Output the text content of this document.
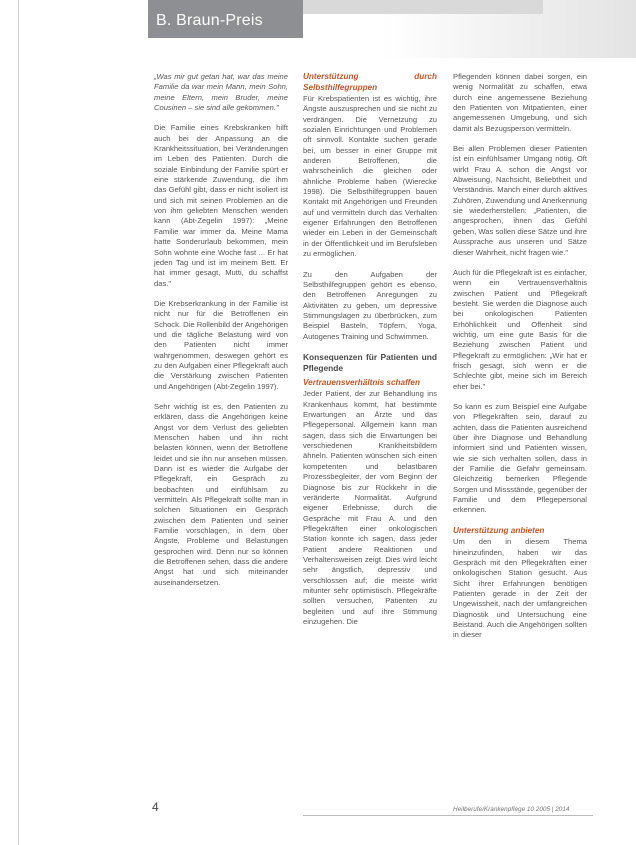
B. Braun-Preis

„Was mir gut getan hat, war das meine Familie da war mein Mann, mein Sohn, meine Eltern, mein Bruder, meine Cousinen – sie sind alle gekommen."

Die Familie eines Krebskranken hilft auch bei der Anpassung an die Krankheitssituation, bei Veränderungen im Leben des Patienten. Durch die soziale Einbindung der Familie spürt er eine stärkende Zuwendung, die ihm das Gefühl gibt, dass er nicht isoliert ist und sich mit seinen Problemen an die von ihm geliebten Menschen wenden kann (Abt-Zegelin 1997): „Meine Familie war immer da. Meine Mama hatte Sonderurlaub bekommen, mein Sohn wohnte eine Woche fast ... Er hat jeden Tag und ist im meinem Bett. Er hat immer gesagt, Mutti, du schaffst das."

Die Krebserkrankung in der Familie ist nicht nur für die Betroffenen ein Schock. Die Rollenbild der Angehörigen und die tägliche Belastung wird von den Patienten nicht immer wahrgenommen, deswegen gehört es zu den Aufgaben einer Pflegekraft auch die Verstärkung zwischen Patienten und Angehörigen (Abt-Zegelin 1997).

Sehr wichtig ist es, den Patienten zu erklären, dass die Angehörigen keine Angst vor dem Verlust des geliebten Menschen haben und ihn nicht belasten können, wenn der Betroffene leidet und sie ihn nur ansehen müssen. Dann ist es wieder die Aufgabe der Pflegekraft, ein Gespräch zu beobachten und einfühlsam zu vermitteln. Als Pflegekraft sollte man in solchen Situationen ein Gespräch zwischen dem Patienten und seiner Familie vorschlagen, in dem über Ängste, Probleme und Belastungen gesprochen wird. Denn nur so können die Betroffenen sehen, dass die andere Angst hat und sich miteinander auseinandersetzen.

Unterstützung durch Selbsthilfegruppen

Für Krebspatienten ist es wichtig, ihre Ängste auszusprechen und sie nicht zu verdrängen. Die Vernetzung zu sozialen Einrichtungen und Problemen oft sinnvoll. Kontakte suchen gerade bei, um besser in einer Gruppe mit anderen Betroffenen, die wahrscheinlich die gleichen oder ähnliche Probleme haben (Wierecke 1998). Die Selbsthilfegruppen bauen Kontakt mit Angehörigen und Freunden auf und vermitteln durch das Verhalten eigener Erfahrungen den Betroffenen wieder ein Leben in der Gemeinschaft in der Öffentlichkeit und im Berufsleben zu ermöglichen.

Zu den Aufgaben der Selbsthilfegruppen gehört es ebenso, den Betroffenen Anregungen zu Aktivitäten zu geben, um depressive Stimmungslagen zu überbrücken, zum Beispiel Basteln, Töpfern, Yoga, Autogenes Training und Schwimmen.

Konsequenzen für Patienten und Pflegende
Vertrauensverhältnis schaffen

Jeder Patient, der zur Behandlung ins Krankenhaus kommt, hat bestimmte Erwartungen an Ärzte und das Pflegepersonal. Allgemein kann man sagen, dass sich die Erwartungen bei verschiedenen Krankheitsbildern ähneln. Patienten wünschen sich einen kompetenten und belastbaren Prozessbegleiter, der vom Beginn der Diagnose bis zur Rückkehr in die veränderte Normalität. Aufgrund eigener Erlebnisse, durch die Gespräche mit Frau A. und den Pflegekräften einer onkologischen Station konnte ich sagen, dass jeder Patient andere Reaktionen und Verhaltensweisen zeigt. Dies wird leicht sehr ängstlich, depressiv und verschlossen auf; die meiste wirkt mitunter sehr optimistisch. Pflegekräfte sollten versuchen, Patienten zu begleiten und auf ihre Stimmung einzugehen. Die

Pflegenden können dabei sorgen, ein wenig Normalität zu schaffen, etwa durch eine angemessene Beziehung den Patienten von Mitpatienten, einer angemessenen Umgebung, und sich damit als Bezugsperson vermitteln.

Bei allen Problemen dieser Patienten ist ein einfühlsamer Umgang nötig. Oft wirkt Frau A. schon die Angst vor Abweisung, Nachsicht, Beliebtheit und Verständnis. Manch einer durch aktives Zuhören, Zuwendung und Anerkennung sie wiederherstellen: „Patienten, die angesprochen, ihnen das Gefühl geben, Was sollen diese Sätze und ihre Aussprache aus unseren und Sätze dieser Wahrheit, nicht fragen wie."

Auch für die Pflegekraft ist es einfacher, wenn ein Vertrauensverhältnis zwischen Patient und Pflegekraft besteht. Sie werden die Diagnose auch bei onkologischen Patienten Erhöhlichkeit und Offenheit sind wichtig, um eine gute Basis für die Beziehung zwischen Patient und Pflegekraft zu ermöglichen: „Wir hat er frisch gesagt, sich wenn er die Schlechte gibt, meine sich im Bereich eher bei."

So kann es zum Beispiel eine Aufgabe von Pflegekräften sein, darauf zu achten, dass die Patienten ausreichend über ihre Diagnose und Behandlung informiert sind und Patienten wissen, wie sie sich verhalten sollen, dass in der Familie die Gefahr gemeinsam. Gleichzeitig bemerken Pflegende Sorgen und Missstände, gegenüber der Familie und dem Pflegepersonal erkennen.

Unterstützung anbieten

Um den in diesem Thema hineinzufinden, haben wir das Gespräch mit den Pflegekräften einer onkologischen Station gesucht. Aus Sicht ihrer Erfahrungen benötigen Patienten gerade in der Zeit der Ungewissheit, nach der umfangreichen Diagnostik und Untersuchung eine Beistand. Auch die Angehörigen sollten in dieser

4	Heilberufe/Krankenpflege 10 2005 | 2014
